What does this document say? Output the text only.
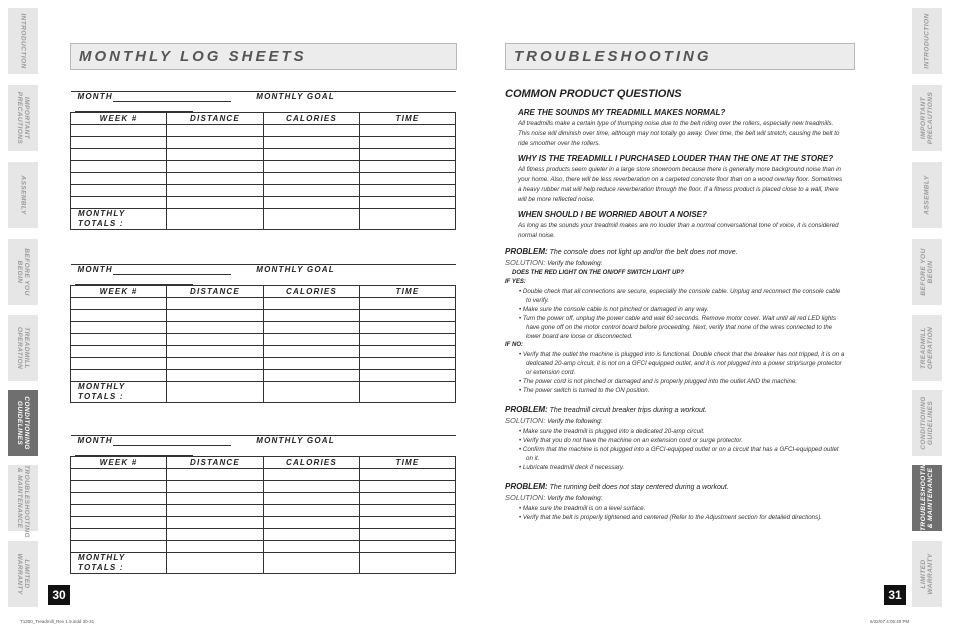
INTRODUCTION
IMPORTANT PRECAUTIONS
ASSEMBLY
BEFORE YOU BEGIN
TREADMILL OPERATION
CONDITIONING GUIDELINES
TROUBLESHOOTING & MAINTENANCE
LIMITED WARRANTY
INTRODUCTION
IMPORTANT PRECAUTIONS
ASSEMBLY
BEFORE YOU BEGIN
TREADMILL OPERATION
CONDITIONING GUIDELINES
TROUBLESHOOTING & MAINTENANCE
LIMITED WARRANTY
MONTHLY LOG SHEETS
MONTH MONTHLY GOAL			
WEEK #	DISTANCE	CALORIES	TIME

MONTHLY TOTALS :			
MONTH MONTHLY GOAL			
WEEK #	DISTANCE	CALORIES	TIME

MONTHLY TOTALS :			
MONTH MONTHLY GOAL			
WEEK #	DISTANCE	CALORIES	TIME

MONTHLY TOTALS :			
30
TROUBLESHOOTING

COMMON PRODUCT QUESTIONS

ARE THE SOUNDS MY TREADMILL MAKES NORMAL?

All treadmills make a certain type of thumping noise due to the belt riding over the rollers, especially new treadmills. This noise will diminish over time, although may not totally go away. Over time, the belt will stretch, causing the belt to ride smoother over the rollers.

WHY IS THE TREADMILL I PURCHASED LOUDER THAN THE ONE AT THE STORE?

All fitness products seem quieter in a large store showroom because there is generally more background noise than in your home. Also, there will be less reverberation on a carpeted concrete floor than on a wood overlay floor. Sometimes a heavy rubber mat will help reduce reverberation through the floor. If a fitness product is placed close to a wall, there will be more reflected noise.

WHEN SHOULD I BE WORRIED ABOUT A NOISE?

As long as the sounds your treadmill makes are no louder than a normal conversational tone of voice, it is considered normal noise.

PROBLEM: The console does not light up and/or the belt does not move.

SOLUTION: Verify the following:

DOES THE RED LIGHT ON THE ON/OFF SWITCH LIGHT UP?

IF YES:

• Double check that all connections are secure, especially the console cable. Unplug and reconnect the console cable to verify.
• Make sure the console cable is not pinched or damaged in any way.
• Turn the power off, unplug the power cable and wait 60 seconds. Remove motor cover. Wait until all red LED lights have gone off on the motor control board before proceeding. Next, verify that none of the wires connected to the lower board are loose or disconnected.

IF NO:

• Verify that the outlet the machine is plugged into is functional. Double check that the breaker has not tripped, it is on a dedicated 20-amp circuit, it is not on a GFCI equipped outlet, and it is not plugged into a power strip/surge protector or extension cord.
• The power cord is not pinched or damaged and is properly plugged into the outlet AND the machine.
• The power switch is turned to the ON position.

PROBLEM: The treadmill circuit breaker trips during a workout.

SOLUTION: Verify the following:

• Make sure the treadmill is plugged into a dedicated 20-amp circuit.
• Verify that you do not have the machine on an extension cord or surge protector.
• Confirm that the machine is not plugged into a GFCI-equipped outlet or on a circuit that has a GFCI-equipped outlet on it.
• Lubricate treadmill deck if necessary.

PROBLEM: The running belt does not stay centered during a workout.

SOLUTION: Verify the following:

• Make sure the treadmill is on a level surface.
• Verify that the belt is properly tightened and centered (Refer to the Adjustment section for detailed directions).
31
T1300_Treadmill_Rev 1.9.indd 30-31	6/22/07 4:05:40 PM
